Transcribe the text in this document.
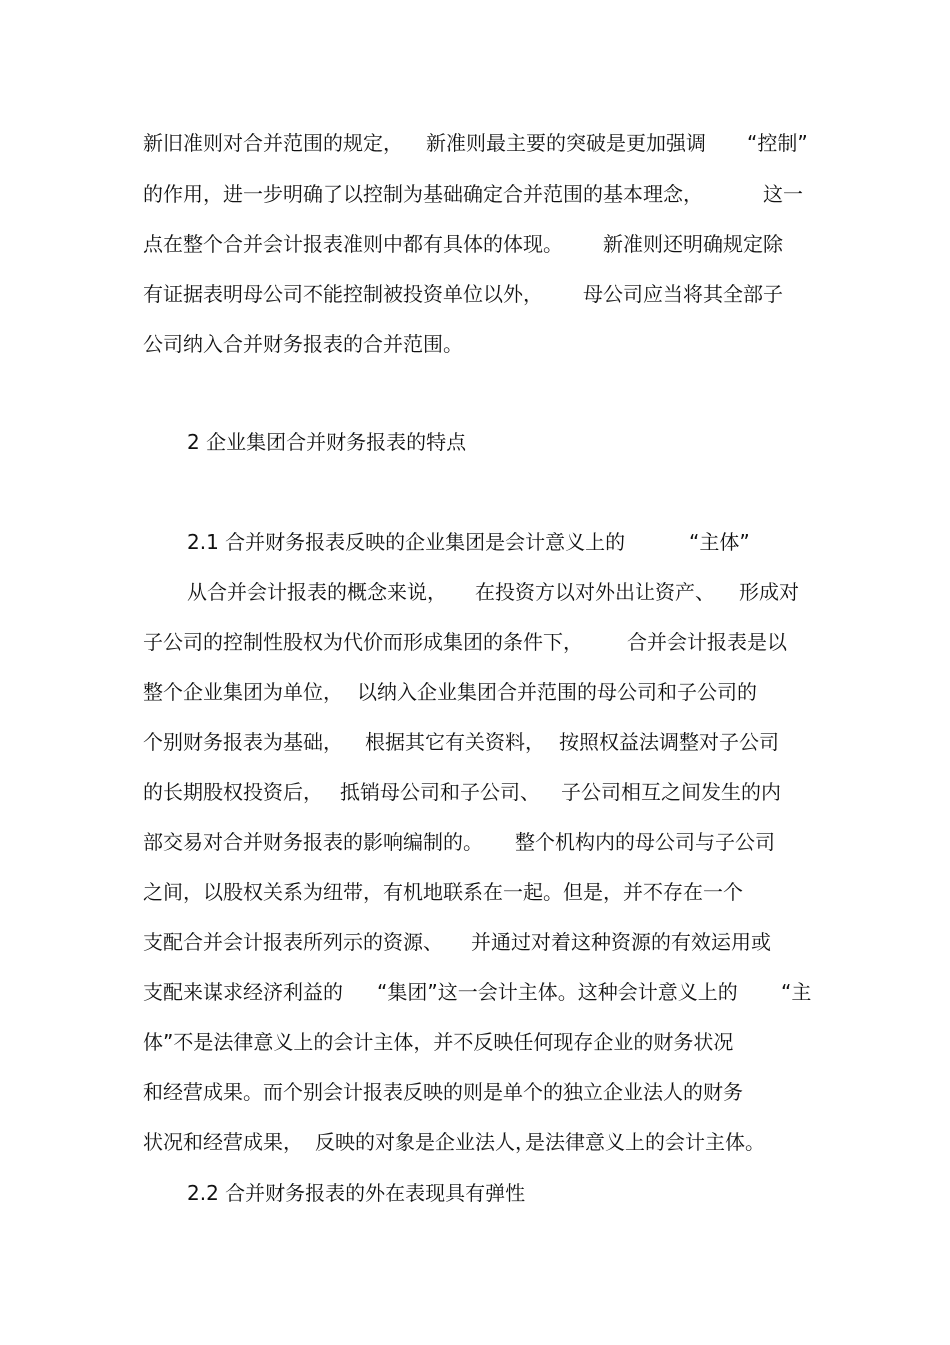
新旧准则对合并范围的规定， 新准则最主要的突破是更加强调 “控制”
的作用，进一步明确了以控制为基础确定合并范围的基本理念，	这一
点在整个合并会计报表准则中都有具体的体现。 新准则还明确规定除
有证据表明母公司不能控制被投资单位以外， 母公司应当将其全部子
公司纳入合并财务报表的合并范围。
2 企业集团合并财务报表的特点
2.1 合并财务报表反映的企业集团是会计意义上的	“主体”
从合并会计报表的概念来说， 在投资方以对外出让资产、 形成对
子公司的控制性股权为代价而形成集团的条件下， 合并会计报表是以
整个企业集团为单位， 以纳入企业集团合并范围的母公司和子公司的
个别财务报表为基础， 根据其它有关资料， 按照权益法调整对子公司
的长期股权投资后， 抵销母公司和子公司、 子公司相互之间发生的内
部交易对合并财务报表的影响编制的。 整个机构内的母公司与子公司
之间，以股权关系为纽带，有机地联系在一起。但是，并不存在一个
支配合并会计报表所列示的资源、 并通过对着这种资源的有效运用或
支配来谋求经济利益的 “集团”这一会计主体。这种会计意义上的 “主
体”不是法律意义上的会计主体，并不反映任何现存企业的财务状况
和经营成果。而个别会计报表反映的则是单个的独立企业法人的财务
状况和经营成果， 反映的对象是企业法人，
是法律意义上的会计主体。
2.2 合并财务报表的外在表现具有弹性
